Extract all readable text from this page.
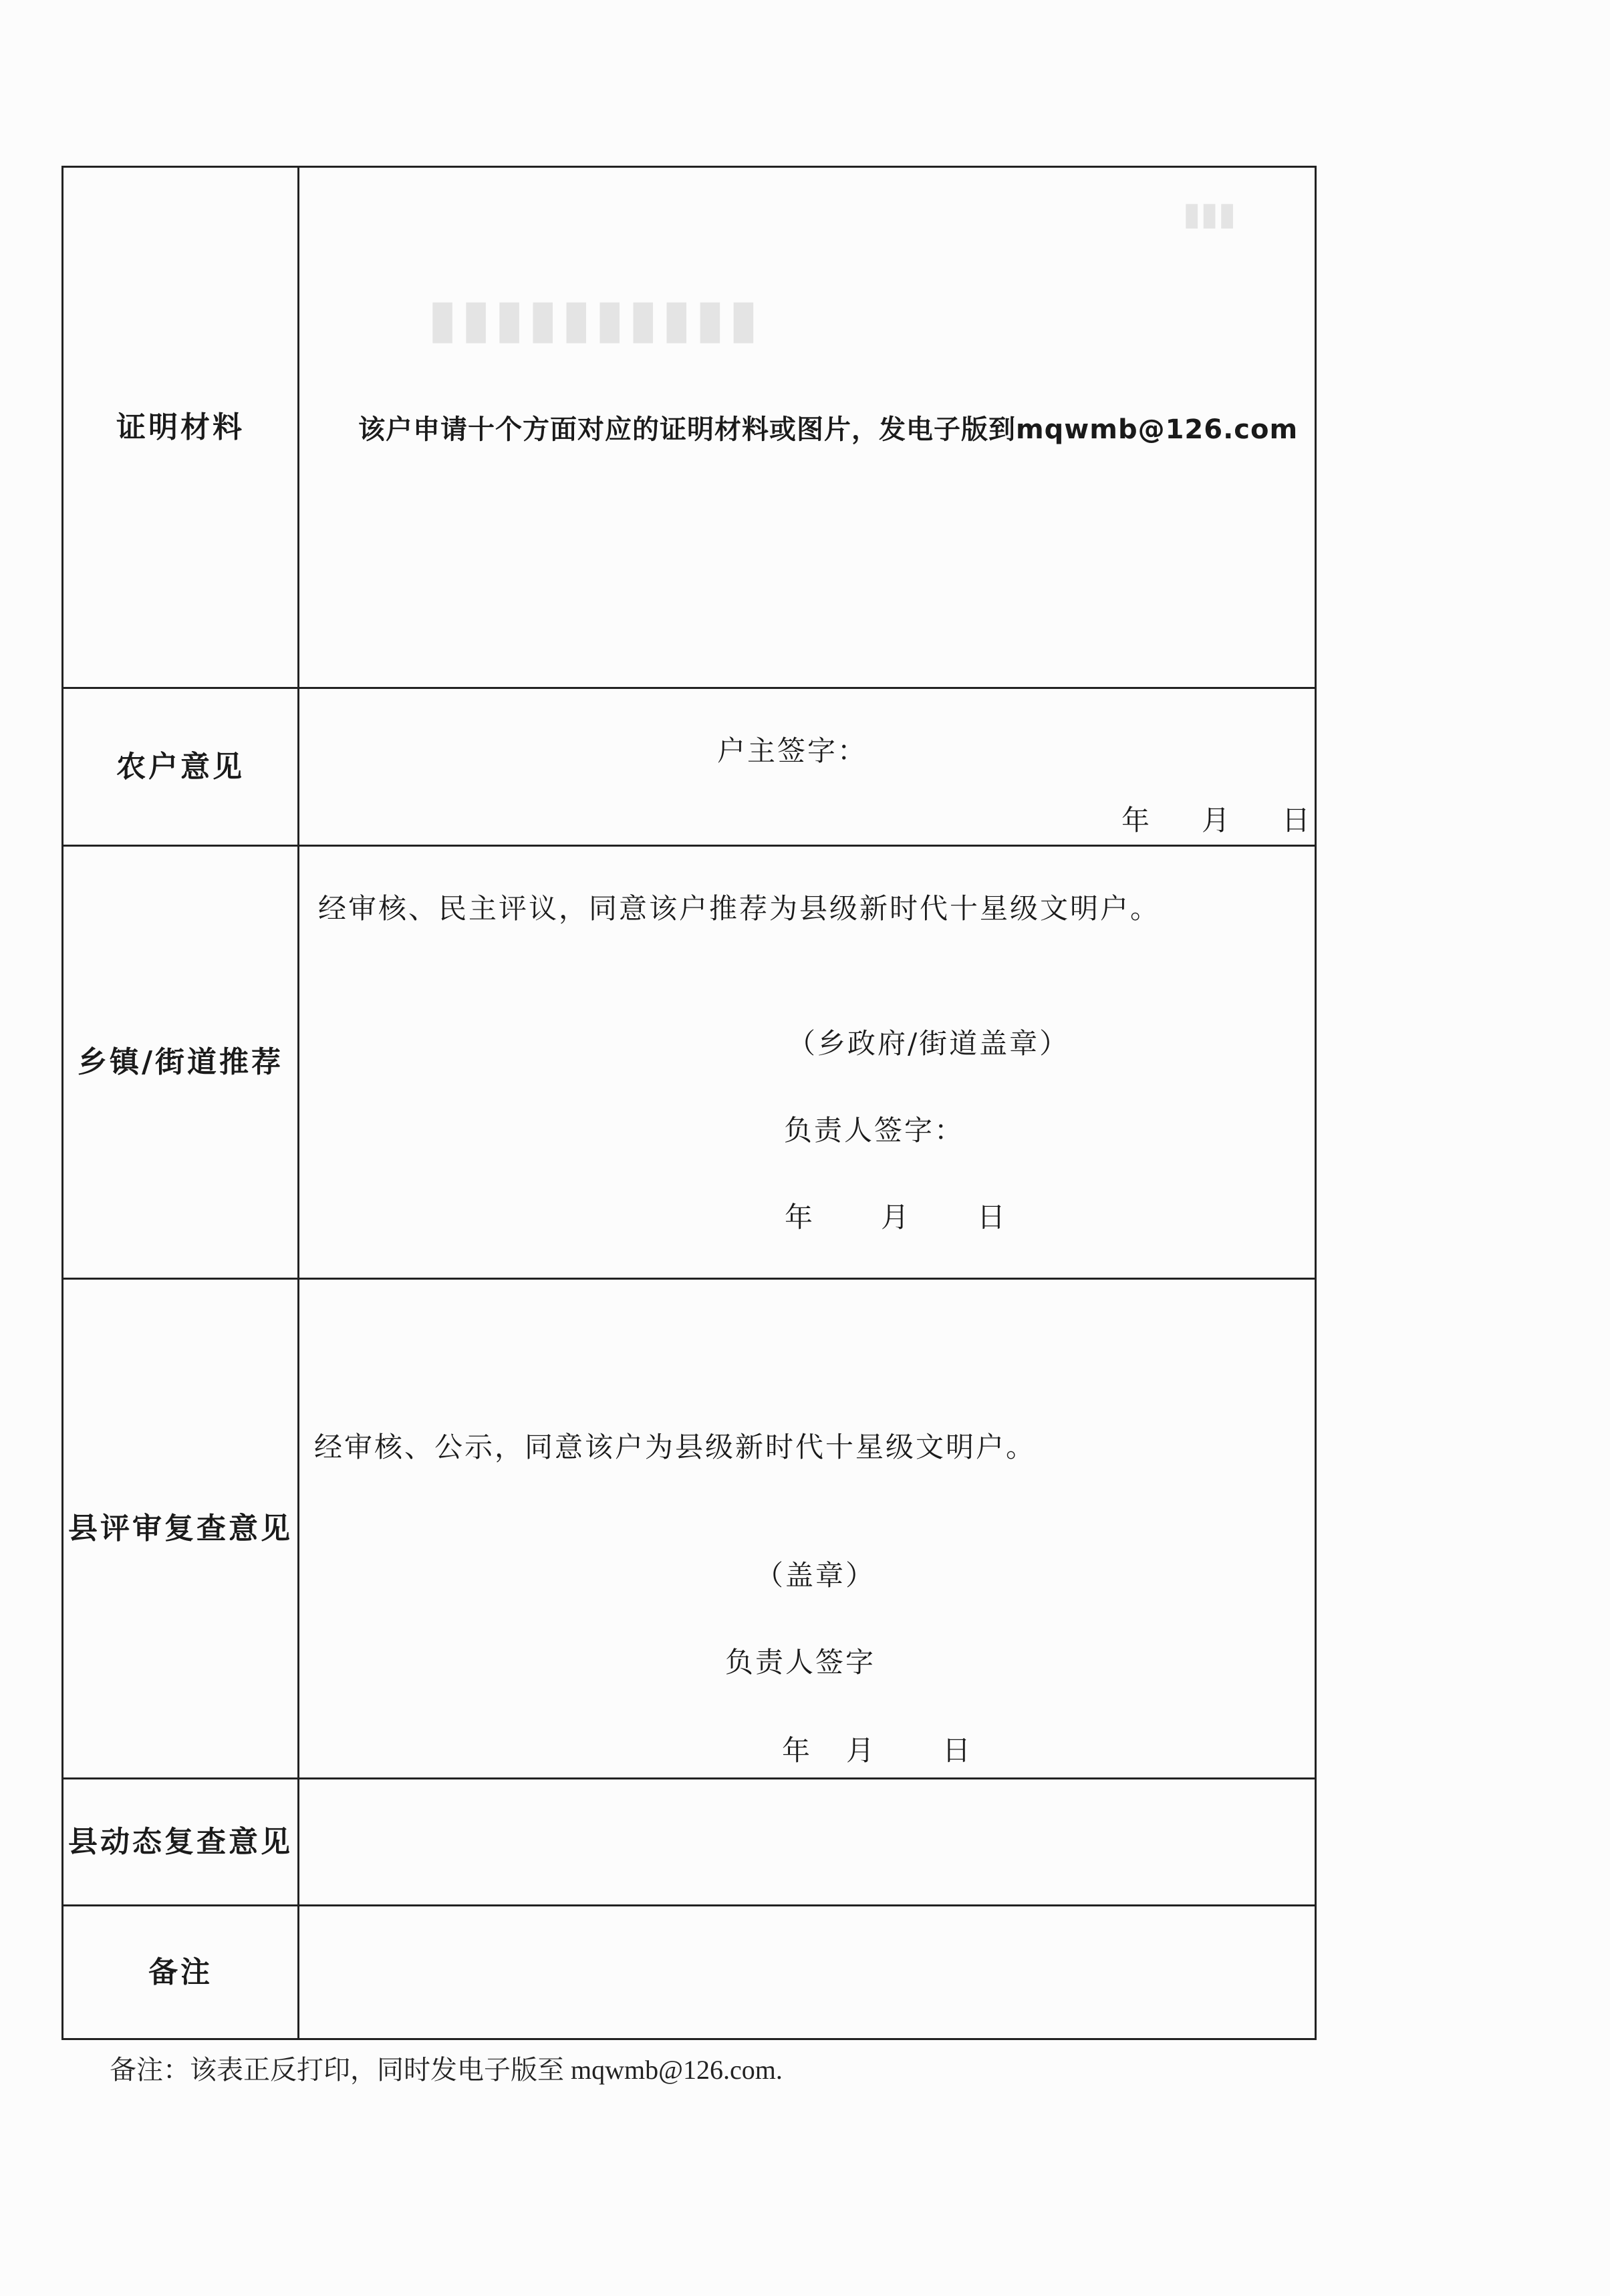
▮▮▮
▮▮▮▮▮▮▮▮▮▮
证明材料	该户申请十个方面对应的证明材料或图片，发电子版到mqwmb@126.com

农户意见	户主签字：
年　月　日

乡镇/街道推荐	经审核、民主评议，同意该户推荐为县级新时代十星级文明户。
（乡政府/街道盖章）
负责人签字：
年　　月　　日

县评审复查意见	经审核、公示，同意该户为县级新时代十星级文明户。
（盖章）
负责人签字
年　月　　日

县动态复查意见	
备注	
备注：该表正反打印，同时发电子版至 mqwmb@126.com.
